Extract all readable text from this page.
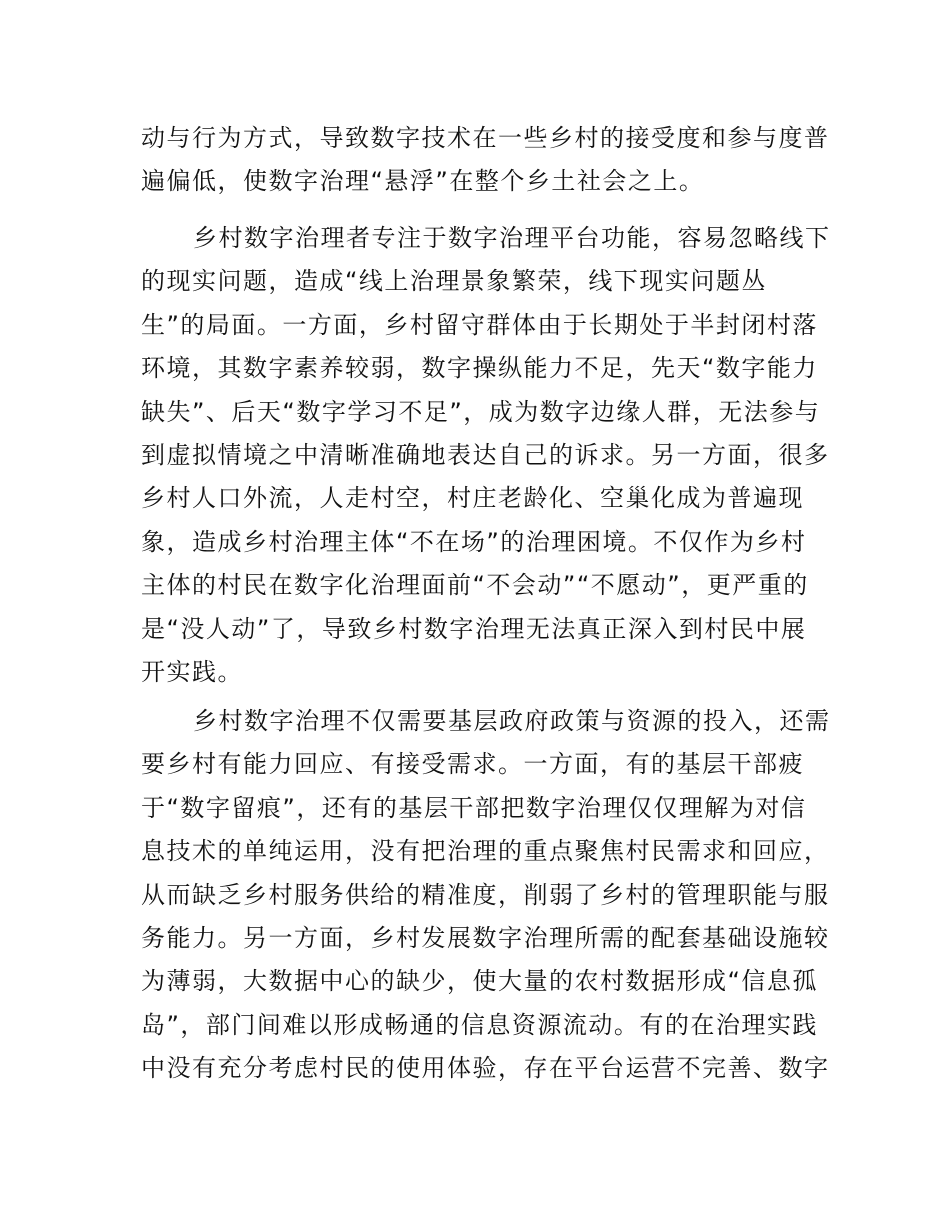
动与行为方式，导致数字技术在一些乡村的接受度和参与度普
遍偏低，使数字治理“悬浮”在整个乡土社会之上。
乡村数字治理者专注于数字治理平台功能，容易忽略线下
的现实问题，造成“线上治理景象繁荣，线下现实问题丛
生”的局面。一方面，乡村留守群体由于长期处于半封闭村落
环境，其数字素养较弱，数字操纵能力不足，先天“数字能力
缺失”、后天“数字学习不足”，成为数字边缘人群，无法参与
到虚拟情境之中清晰准确地表达自己的诉求。另一方面，很多
乡村人口外流，人走村空，村庄老龄化、空巢化成为普遍现
象，造成乡村治理主体“不在场”的治理困境。不仅作为乡村
主体的村民在数字化治理面前“不会动”“不愿动”，更严重的
是“没人动”了，导致乡村数字治理无法真正深入到村民中展
开实践。
乡村数字治理不仅需要基层政府政策与资源的投入，还需
要乡村有能力回应、有接受需求。一方面，有的基层干部疲
于“数字留痕”，还有的基层干部把数字治理仅仅理解为对信
息技术的单纯运用，没有把治理的重点聚焦村民需求和回应，
从而缺乏乡村服务供给的精准度，削弱了乡村的管理职能与服
务能力。另一方面，乡村发展数字治理所需的配套基础设施较
为薄弱，大数据中心的缺少，使大量的农村数据形成“信息孤
岛”，部门间难以形成畅通的信息资源流动。有的在治理实践
中没有充分考虑村民的使用体验，存在平台运营不完善、数字
